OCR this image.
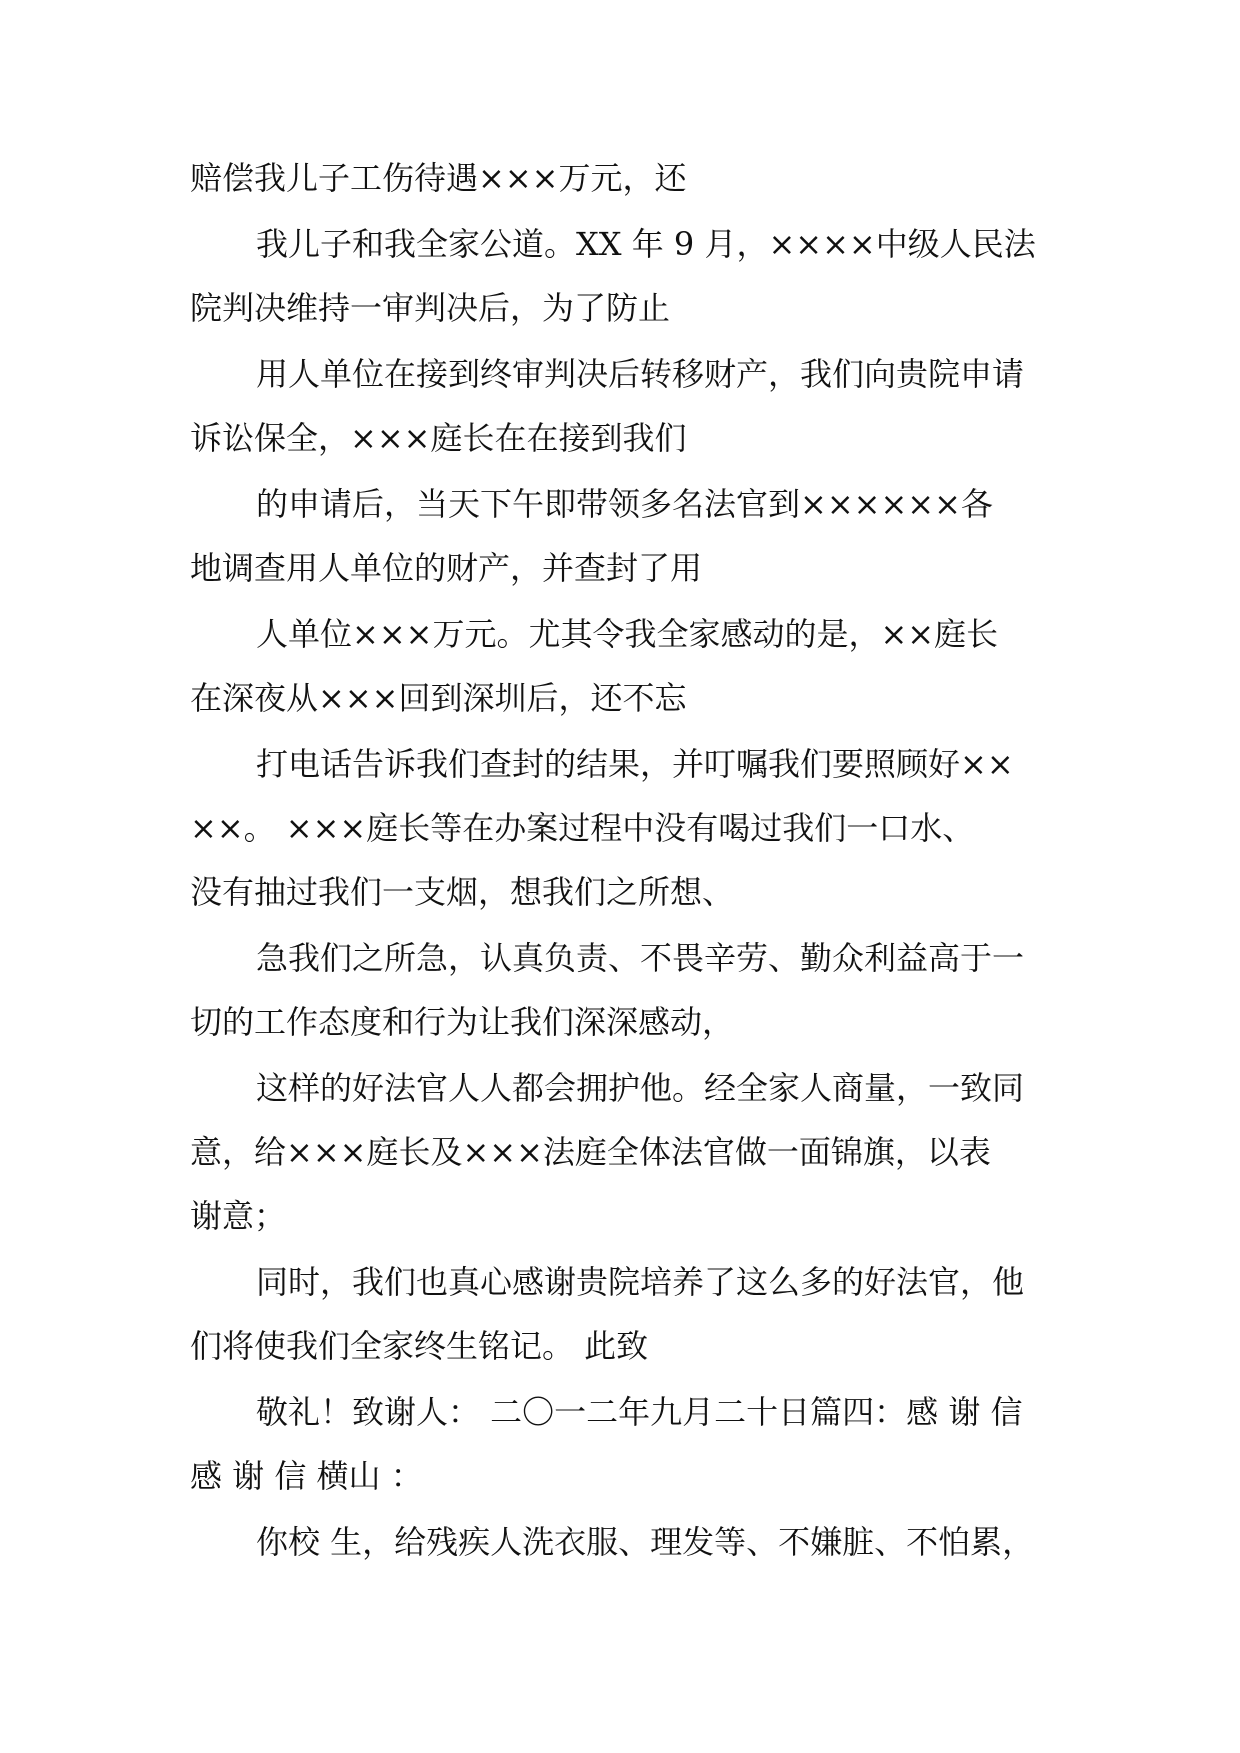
赔偿我儿子工伤待遇×××万元，还
我儿子和我全家公道。XX 年 9 月，××××中级人民法
院判决维持一审判决后，为了防止
用人单位在接到终审判决后转移财产，我们向贵院申请
诉讼保全，×××庭长在在接到我们
的申请后，当天下午即带领多名法官到××××××各
地调查用人单位的财产，并查封了用
人单位×××万元。尤其令我全家感动的是，××庭长
在深夜从×××回到深圳后，还不忘
打电话告诉我们查封的结果，并叮嘱我们要照顾好××
××。 ×××庭长等在办案过程中没有喝过我们一口水、
没有抽过我们一支烟，想我们之所想、
急我们之所急，认真负责、不畏辛劳、勤众利益高于一
切的工作态度和行为让我们深深感动，
这样的好法官人人都会拥护他。经全家人商量，一致同
意，给×××庭长及×××法庭全体法官做一面锦旗，以表
谢意；
同时，我们也真心感谢贵院培养了这么多的好法官，他
们将使我们全家终生铭记。 此致
敬礼！致谢人： 二〇一二年九月二十日篇四：感 谢 信
感 谢 信 横山 ：
你校 生，给残疾人洗衣服、理发等、不嫌脏、不怕累，
